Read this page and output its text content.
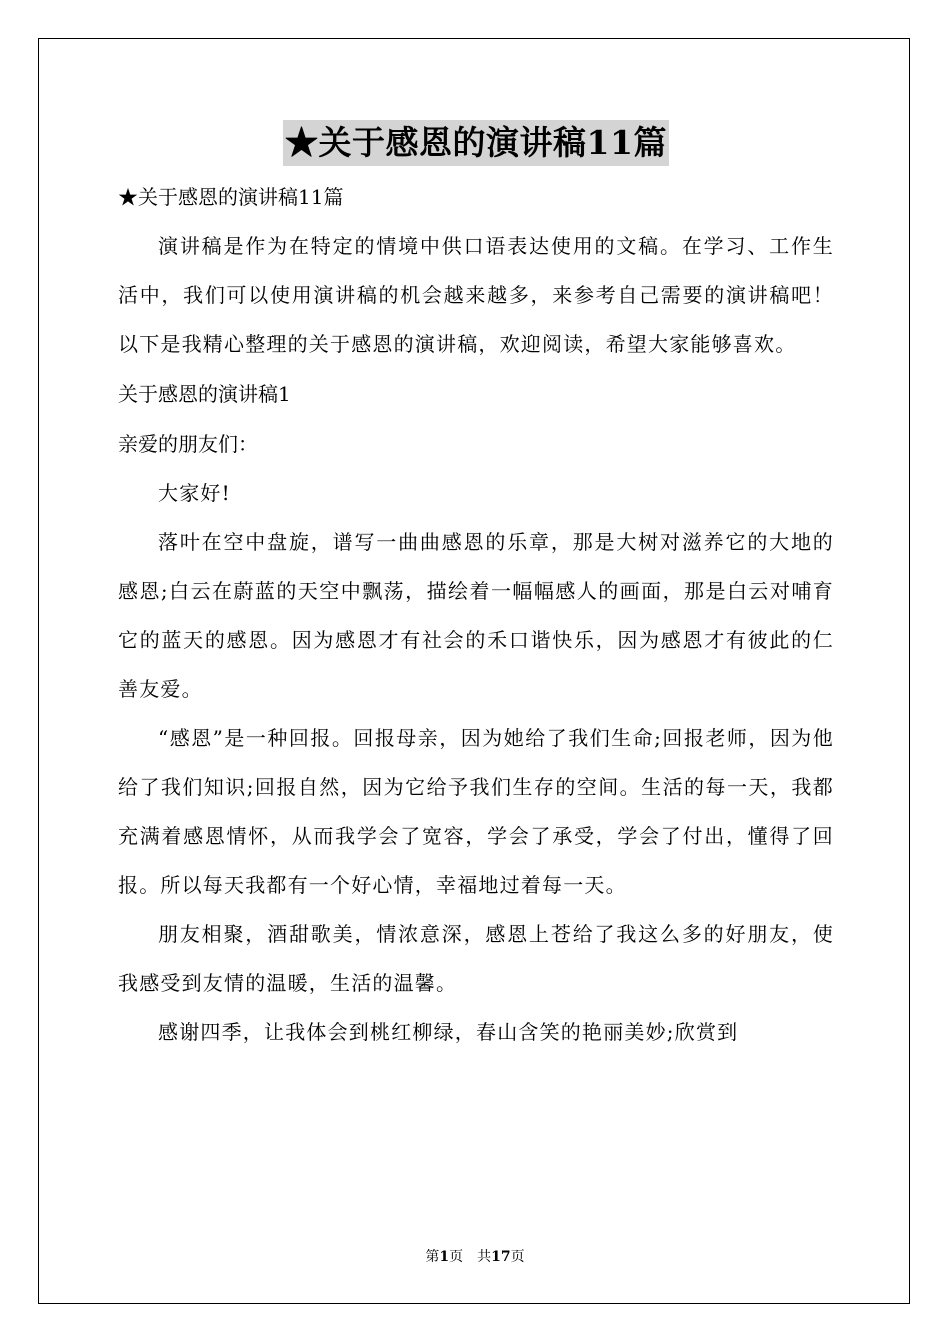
★关于感恩的演讲稿11篇

★关于感恩的演讲稿11篇

演讲稿是作为在特定的情境中供口语表达使用的文稿。在学习、工作生活中，我们可以使用演讲稿的机会越来越多，来参考自己需要的演讲稿吧！以下是我精心整理的关于感恩的演讲稿，欢迎阅读，希望大家能够喜欢。

关于感恩的演讲稿1

亲爱的朋友们：

大家好!

落叶在空中盘旋，谱写一曲曲感恩的乐章，那是大树对滋养它的大地的感恩;白云在蔚蓝的天空中飘荡，描绘着一幅幅感人的画面，那是白云对哺育它的蓝天的感恩。因为感恩才有社会的禾口谐快乐，因为感恩才有彼此的仁善友爱。

“感恩”是一种回报。回报母亲，因为她给了我们生命;回报老师，因为他给了我们知识;回报自然，因为它给予我们生存的空间。生活的每一天，我都充满着感恩情怀，从而我学会了宽容，学会了承受，学会了付出，懂得了回报。所以每天我都有一个好心情，幸福地过着每一天。

朋友相聚，酒甜歌美，情浓意深，感恩上苍给了我这么多的好朋友，使我感受到友情的温暖，生活的温馨。

感谢四季，让我体会到桃红柳绿，春山含笑的艳丽美妙;欣赏到

第1页 共17页
